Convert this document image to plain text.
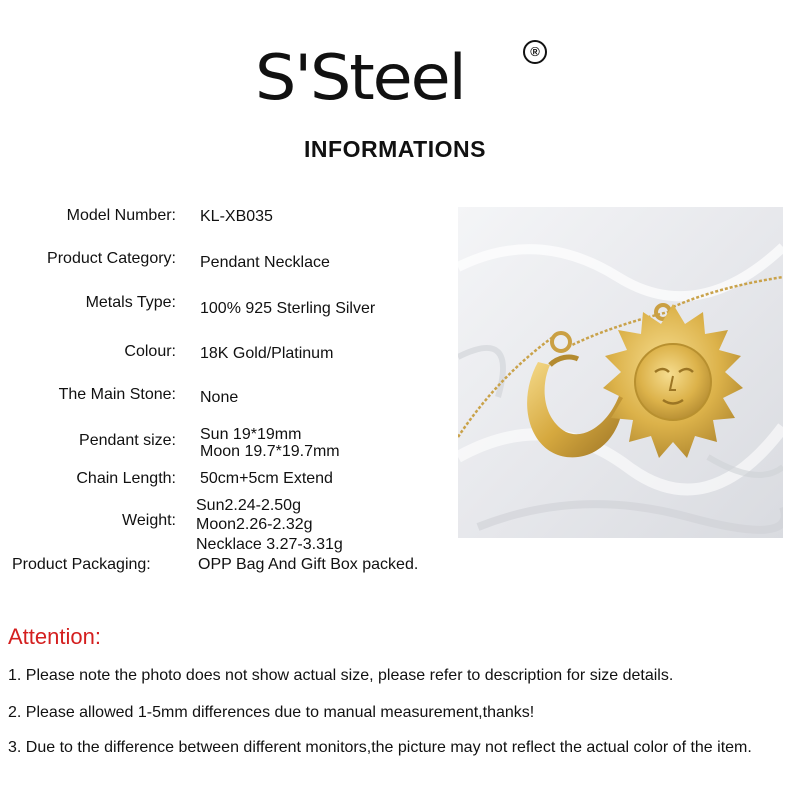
S'Steel	®
INFORMATIONS
Model Number: KL-XB035
Product Category: Pendant Necklace
Metals Type: 100% 925 Sterling Silver
Colour: 18K Gold/Platinum
The Main Stone: None
Pendant size: Sun 19*19mm
Moon 19.7*19.7mm
Chain Length: 50cm+5cm Extend
Weight:
Sun2.24-2.50g
Moon2.26-2.32g
Necklace 3.27-3.31g
Product Packaging:	OPP Bag And Gift Box packed.
Attention:
1. Please note the photo does not show actual size, please refer to description for size details.
2. Please allowed 1-5mm differences due to manual measurement,thanks!
3. Due to the difference between different monitors,the picture may not reflect the actual color of the item.
